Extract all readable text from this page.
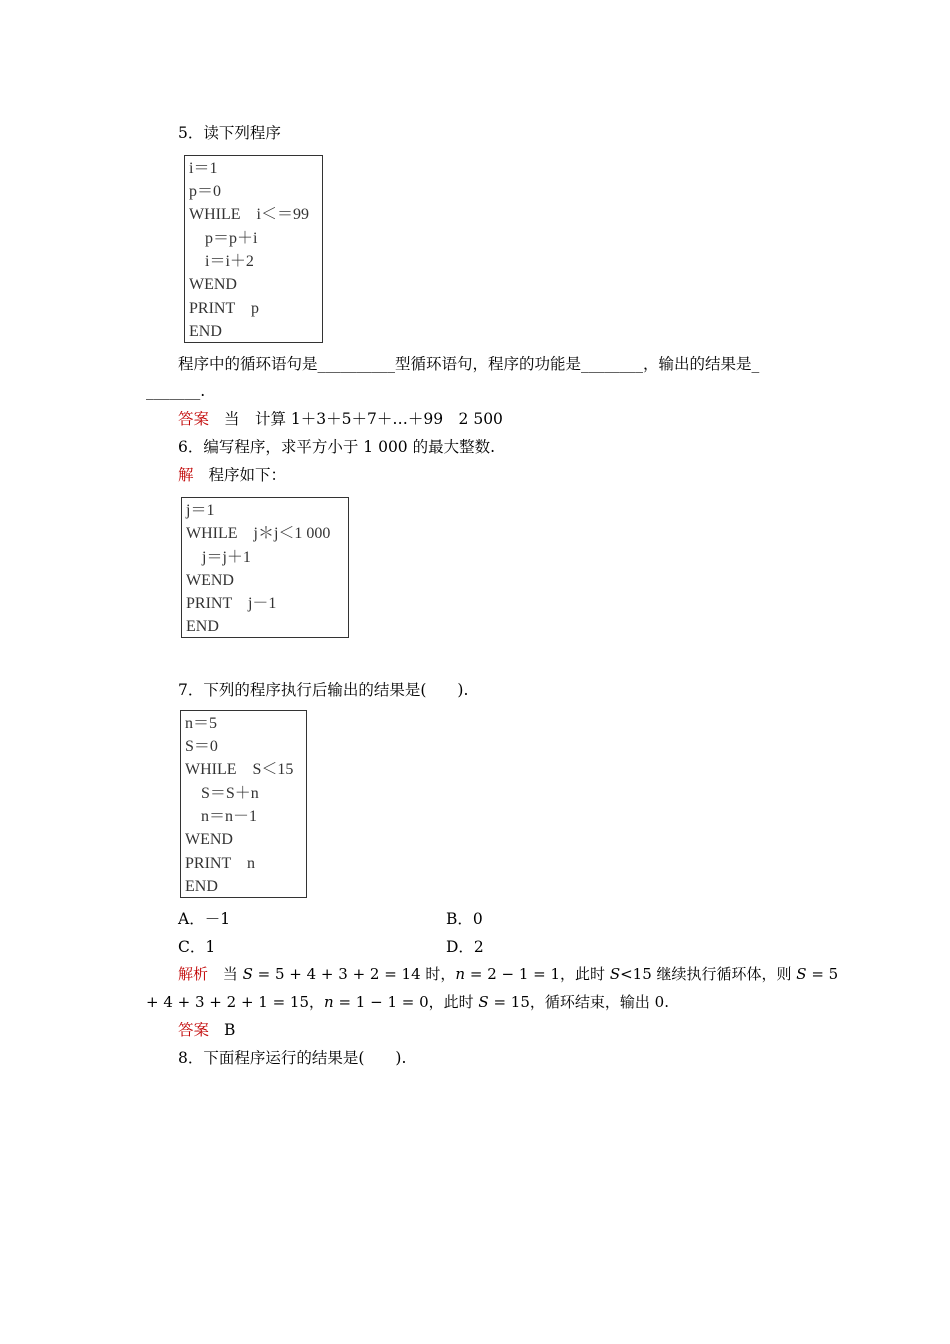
5．读下列程序
i＝1
p＝0
WHILE　i＜＝99
p＝p＋i
i＝i＋2
WEND
PRINT　p
END
程序中的循环语句是__________型循环语句，程序的功能是________，输出的结果是_
_______.
答案 当　计算 1＋3＋5＋7＋…＋99　2 500
6．编写程序，求平方小于 1 000 的最大整数.
解 程序如下：
j＝1
WHILE　j＊j＜1 000
j＝j＋1
WEND
PRINT　j－1
END
7．下列的程序执行后输出的结果是(　　).
n＝5
S＝0
WHILE　S＜15
S＝S＋n
n＝n－1
WEND
PRINT　n
END
A．－1	B．0
C．1	D．2
解析 当 S = 5 + 4 + 3 + 2 = 14 时，n = 2 − 1 = 1，此时 S<15 继续执行循环体，则 S = 5
+ 4 + 3 + 2 + 1 = 15，n = 1 − 1 = 0，此时 S = 15，循环结束，输出 0.
答案 B
8．下面程序运行的结果是(　　).
